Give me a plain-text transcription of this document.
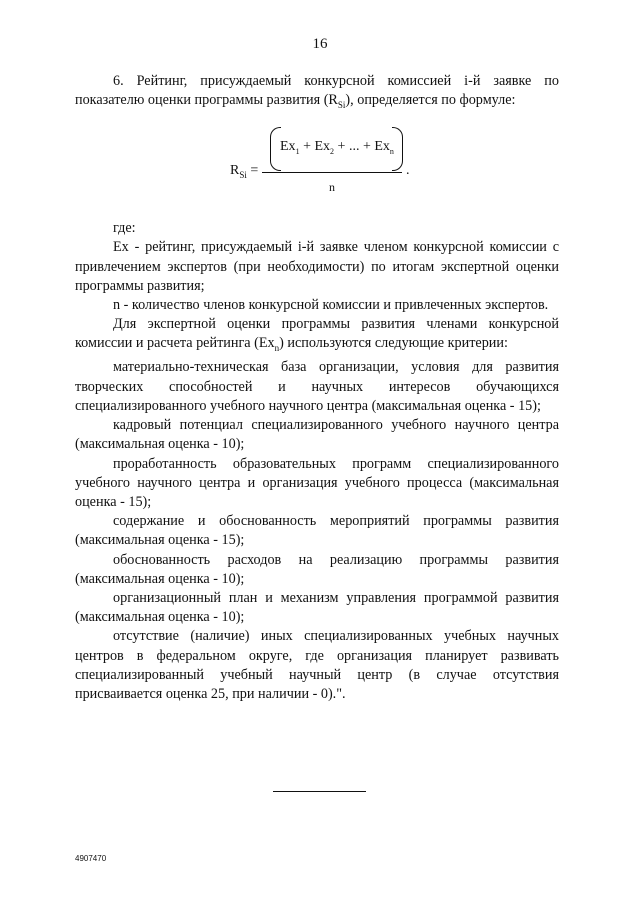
16

6. Рейтинг, присуждаемый конкурсной комиссией i-й заявке по показателю оценки программы развития $(R_{Si})$, определяется по формуле:

$R_{Si}$ =
$Ex_1 + Ex_2$ + ... + $Ex_n$
n
.

где:

Ex - рейтинг, присуждаемый i-й заявке членом конкурсной комиссии с привлечением экспертов (при необходимости) по итогам экспертной оценки программы развития;

n - количество членов конкурсной комиссии и привлеченных экспертов.

Для экспертной оценки программы развития членами конкурсной комиссии и расчета рейтинга $(Ex_n)$ используются следующие критерии:

материально-техническая база организации, условия для развития творческих способностей и научных интересов обучающихся специализированного учебного научного центра (максимальная оценка - 15);

кадровый потенциал специализированного учебного научного центра (максимальная оценка - 10);

проработанность образовательных программ специализированного учебного научного центра и организация учебного процесса (максимальная оценка - 15);

содержание и обоснованность мероприятий программы развития (максимальная оценка - 15);

обоснованность расходов на реализацию программы развития (максимальная оценка - 10);

организационный план и механизм управления программой развития (максимальная оценка - 10);

отсутствие (наличие) иных специализированных учебных научных центров в федеральном округе, где организация планирует развивать специализированный учебный научный центр (в случае отсутствия присваивается оценка 25, при наличии - 0).".

4907470
